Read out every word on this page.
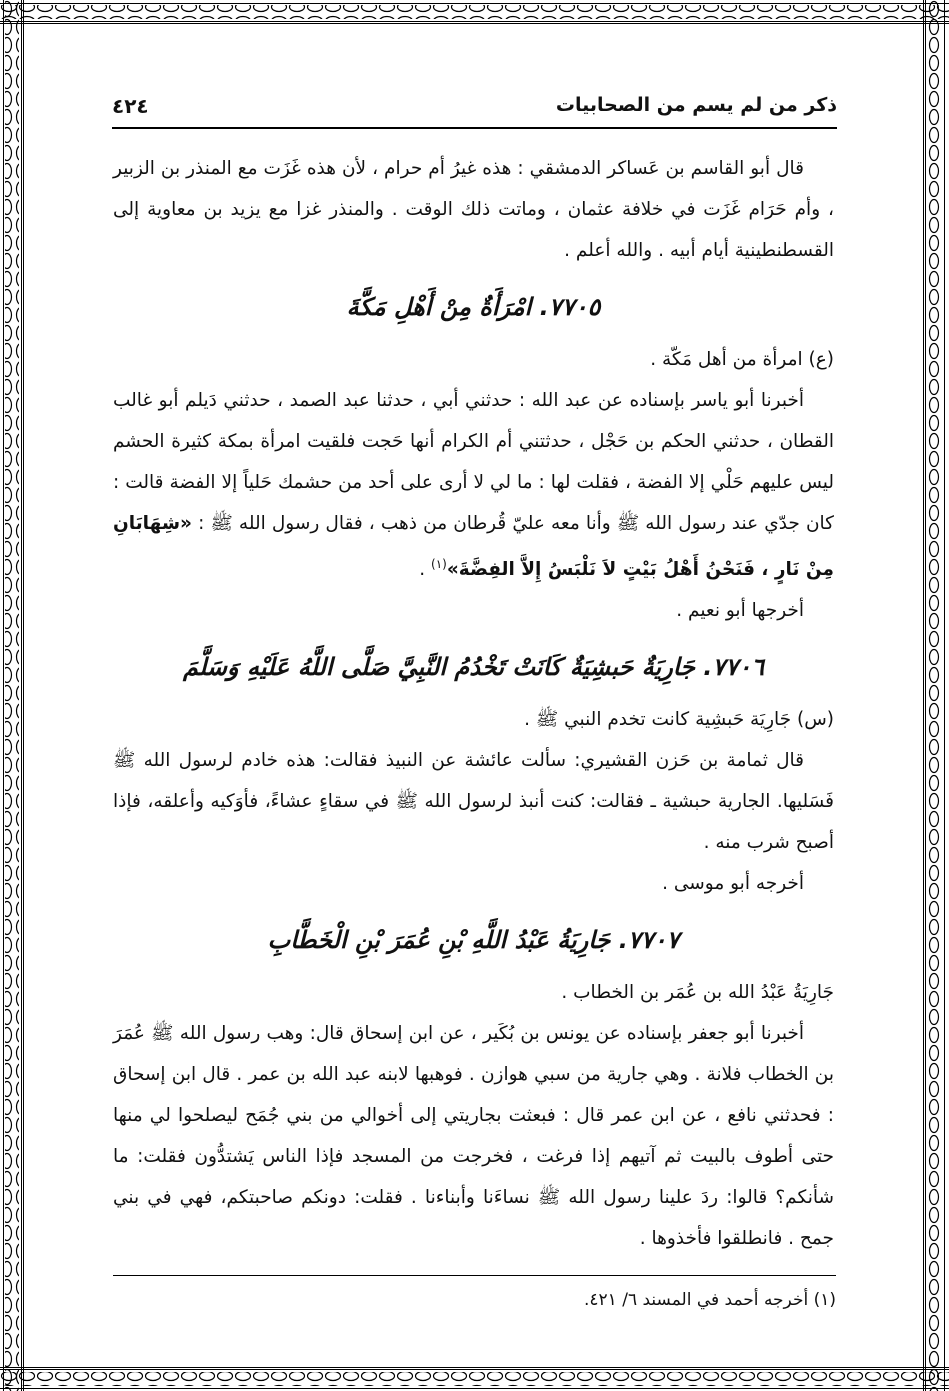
ذكر من لم يسم من الصحابيات
٤٢٤

قال أبو القاسم بن عَساكر الدمشقي : هذه غيرُ أم حرام ، لأن هذه غَزَت مع المنذر بن الزبير ، وأم حَرَام غَزَت في خلافة عثمان ، وماتت ذلك الوقت . والمنذر غزا مع يزيد بن معاوية إلى القسطنطينية أيام أبيه . والله أعلم .

٧٧٠٥. امْرَأَةٌ مِنْ أَهْلِ مَكَّةَ

(ع) امرأة من أهل مَكّة .

أخبرنا أبو ياسر بإسناده عن عبد الله : حدثني أبي ، حدثنا عبد الصمد ، حدثني دَيلم أبو غالب القطان ، حدثني الحكم بن حَجْل ، حدثتني أم الكرام أنها حَجت فلقيت امرأة بمكة كثيرة الحشم ليس عليهم حَلْي إلا الفضة ، فقلت لها : ما لي لا أرى على أحد من حشمك حَلياً إلا الفضة قالت : كان جدّي عند رسول الله ﷺ وأنا معه عليّ قُرطان من ذهب ، فقال رسول الله ﷺ : «شِهَابَانِ مِنْ نَارٍ ، فَنَحْنُ أَهْلُ بَيْتٍ لاَ نَلْبَسُ إِلاَّ الفِضَّةَ»$^{(١)}$ .

أخرجها أبو نعيم .

٧٧٠٦. جَارِيَةٌ حَبشِيَةٌ كَانَتْ تَخْدُمُ النَّبِيَّ صَلَّى اللَّهُ عَلَيْهِ وَسَلَّمَ

(س) جَارِيَة حَبشِية كانت تخدم النبي ﷺ .

قال ثمامة بن حَزن القشيري: سألت عائشة عن النبيذ فقالت: هذه خادم لرسول الله ﷺ فَسَليها. الجارية حبشية ـ فقالت: كنت أنبذ لرسول الله ﷺ في سقاءٍ عشاءً، فأوَكيه وأعلقه، فإذا أصبح شرب منه .

أخرجه أبو موسى .

٧٧٠٧. جَارِيَةُ عَبْدُ اللَّهِ بْنِ عُمَرَ بْنِ الْخَطَّابِ

جَارِيَةُ عَبْدُ الله بن عُمَر بن الخطاب .

أخبرنا أبو جعفر بإسناده عن يونس بن بُكَير ، عن ابن إسحاق قال: وهب رسول الله ﷺ عُمَرَ بن الخطاب فلانة . وهي جارية من سبي هوازن . فوهبها لابنه عبد الله بن عمر . قال ابن إسحاق : فحدثني نافع ، عن ابن عمر قال : فبعثت بجاريتي إلى أخوالي من بني جُمَح ليصلحوا لي منها حتى أطوف بالبيت ثم آتيهم إذا فرغت ، فخرجت من المسجد فإذا الناس يَشتدُّون فقلت: ما شأنكم؟ قالوا: ردَ علينا رسول الله ﷺ نساءَنا وأبناءنا . فقلت: دونكم صاحبتكم، فهي في بني جمح . فانطلقوا فأخذوها .

(١) أخرجه أحمد في المسند ٦/ ٤٢١.
